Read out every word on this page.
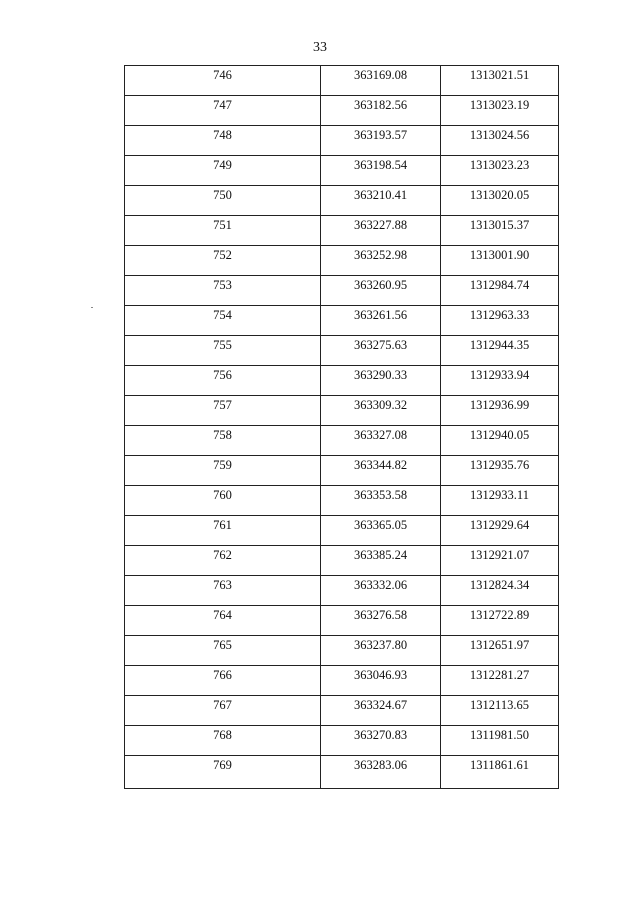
33
746	363169.08	1313021.51
747	363182.56	1313023.19
748	363193.57	1313024.56
749	363198.54	1313023.23
750	363210.41	1313020.05
751	363227.88	1313015.37
752	363252.98	1313001.90
753	363260.95	1312984.74
754	363261.56	1312963.33
755	363275.63	1312944.35
756	363290.33	1312933.94
757	363309.32	1312936.99
758	363327.08	1312940.05
759	363344.82	1312935.76
760	363353.58	1312933.11
761	363365.05	1312929.64
762	363385.24	1312921.07
763	363332.06	1312824.34
764	363276.58	1312722.89
765	363237.80	1312651.97
766	363046.93	1312281.27
767	363324.67	1312113.65
768	363270.83	1311981.50
769	363283.06	1311861.61
